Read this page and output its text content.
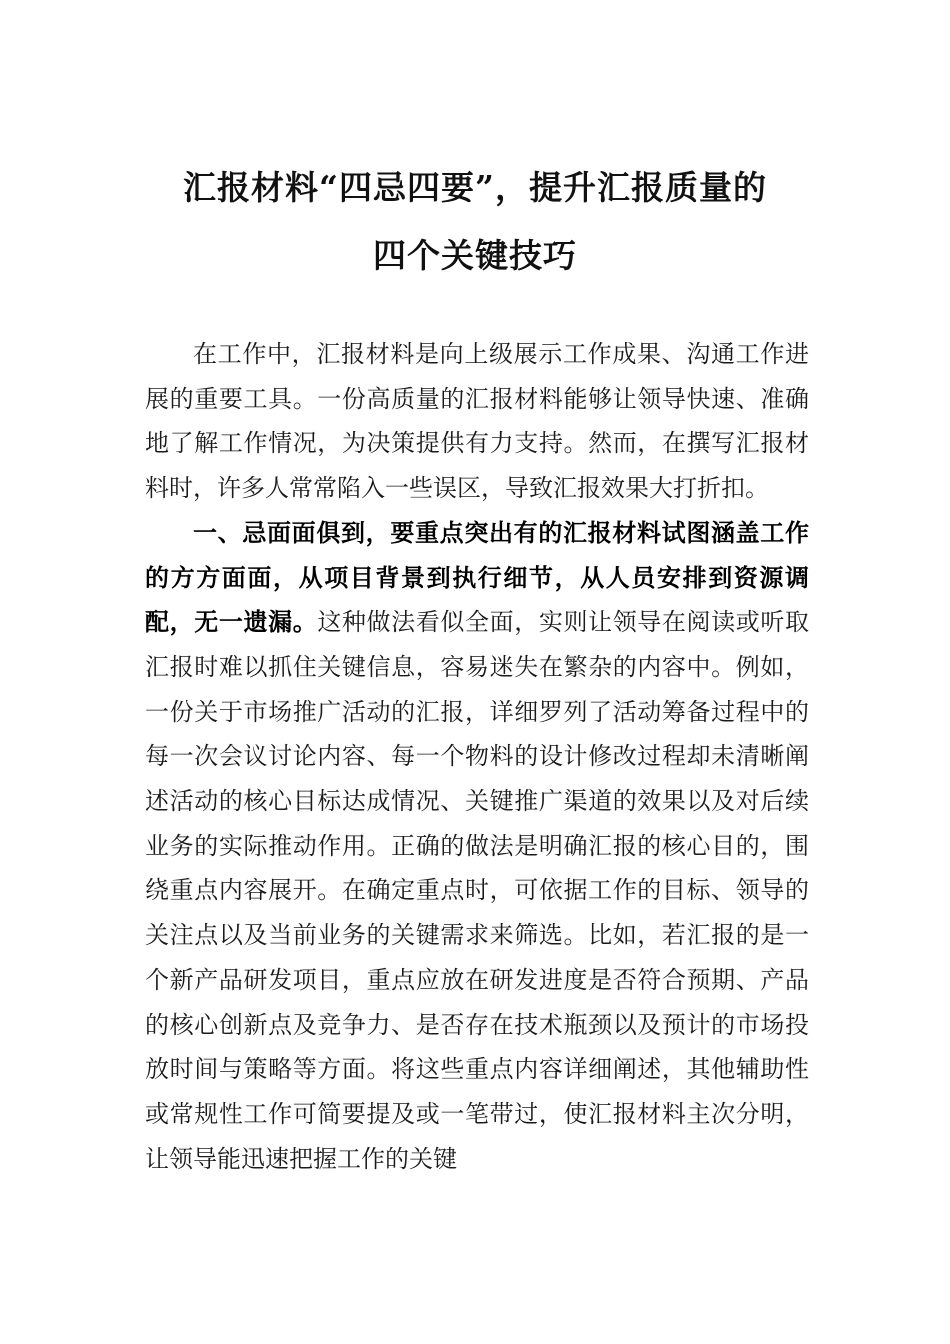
汇报材料“四忌四要”，提升汇报质量的
四个关键技巧

在工作中，汇报材料是向上级展示工作成果、沟通工作进展的重要工具。一份高质量的汇报材料能够让领导快速、准确地了解工作情况，为决策提供有力支持。然而，在撰写汇报材料时，许多人常常陷入一些误区，导致汇报效果大打折扣。

一、忌面面俱到，要重点突出有的汇报材料试图涵盖工作的方方面面，从项目背景到执行细节，从人员安排到资源调配，无一遗漏。这种做法看似全面，实则让领导在阅读或听取汇报时难以抓住关键信息，容易迷失在繁杂的内容中。例如，一份关于市场推广活动的汇报，详细罗列了活动筹备过程中的每一次会议讨论内容、每一个物料的设计修改过程却未清晰阐述活动的核心目标达成情况、关键推广渠道的效果以及对后续业务的实际推动作用。正确的做法是明确汇报的核心目的，围绕重点内容展开。在确定重点时，可依据工作的目标、领导的关注点以及当前业务的关键需求来筛选。比如，若汇报的是一个新产品研发项目，重点应放在研发进度是否符合预期、产品的核心创新点及竞争力、是否存在技术瓶颈以及预计的市场投放时间与策略等方面。将这些重点内容详细阐述，其他辅助性或常规性工作可简要提及或一笔带过，使汇报材料主次分明，让领导能迅速把握工作的关键
